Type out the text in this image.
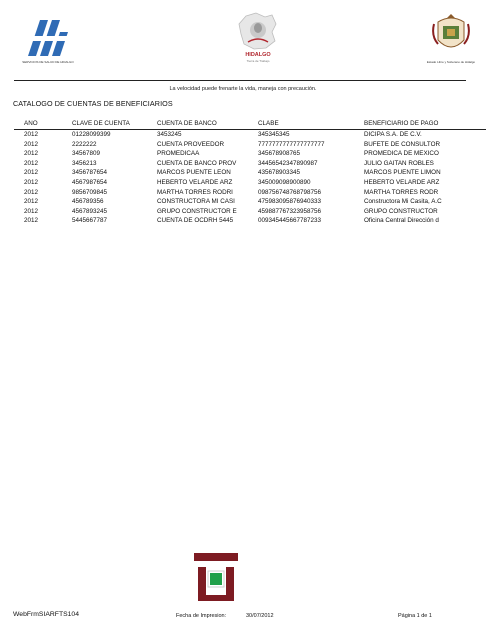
SERVICIOS DE SALUD DE HIDALGO
HIDALGO
Tierra de Trabajo	Estado Libre y Soberano de Hidalgo
La velocidad puede frenarte la vida, maneja con precaución.
CATALOGO DE CUENTAS DE BENEFICIARIOS
AÑO	CLAVE DE CUENTA	CUENTA DE BANCO	CLABE	BENEFICIARIO DE PAGO
2012	01228099399	3453245	345345345	DICIPA S.A. DE C.V.
2012	2222222	CUENTA PROVEEDOR	7777777777777777777	BUFETE DE CONSULTOR
2012	34567809	PROMEDICAA	345678908765	PROMEDICA DE MEXICO
2012	3456213	CUENTA DE BANCO PROV	34456542347890987	JULIO GAITAN ROBLES
2012	3456787654	MARCOS PUENTE LEON	435678903345	MARCOS PUENTE LIMON
2012	4567987654	HEBERTO VELARDE ARZ	345009098900890	HEBERTO VELARDE ARZ
2012	9856709845	MARTHA TORRES RODRI	098756748768798756	MARTHA TORRES RODR
2012	456789356	CONSTRUCTORA MI CASI	475983095876940333	Constructora Mi Casita, A.C
2012	4567893245	GRUPO CONSTRUCTOR E	459887767323958756	GRUPO CONSTRUCTOR
2012	5445667787	CUENTA DE OCDRH 5445	009345445667787233	Oficina Central Dirección d
WebFrmSIARFTS104	Fecha de Impresion:	30/07/2012	Página 1 de 1
